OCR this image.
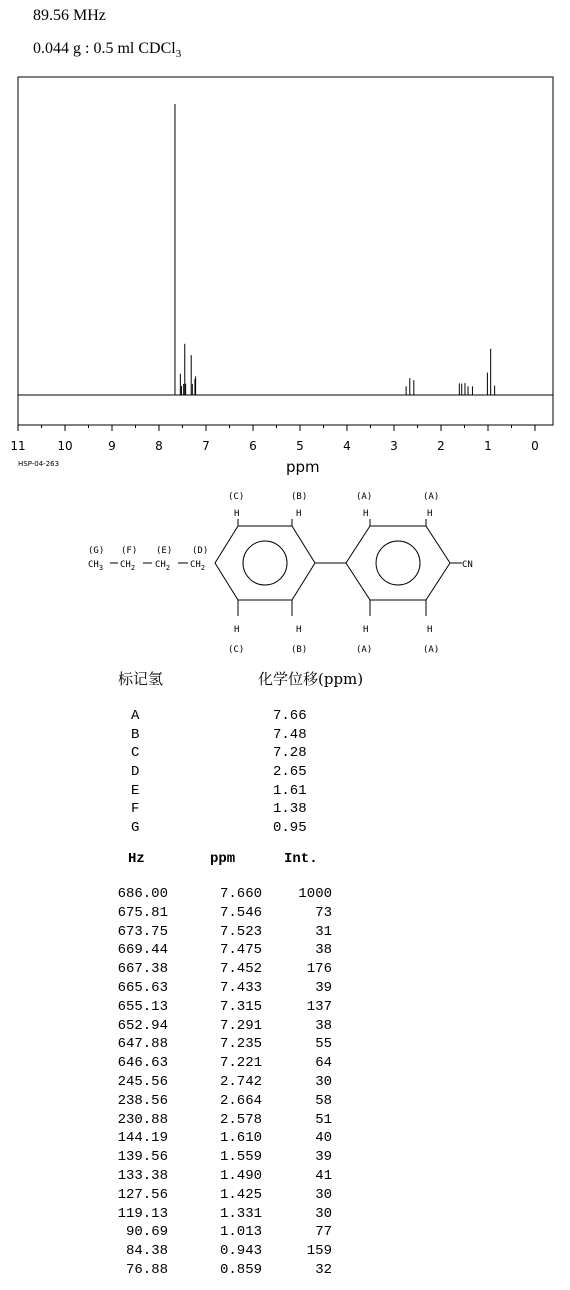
89.56 MHz
0.044 g : 0.5 ml CDCl$_3$
11	10	9	8	7	6	5	4	3	2	1	0
ppm
HSP-04-263
(C)	(B)	(A)	(A)
H	H	H	H
H	H	H	H
(C)	(B)	(A)	(A)
CN
(G) (F) (E) (D)
$CH_3$ $CH_2$ $CH_2$ $CH_2$
标记氢	化学位移(ppm)
A	7.66
B	7.48
C	7.28
D	2.65
E	1.61
F	1.38
G	0.95
Hz	ppm	Int.
686.00	7.660	1000
675.81	7.546	73
673.75	7.523	31
669.44	7.475	38
667.38	7.452	176
665.63	7.433	39
655.13	7.315	137
652.94	7.291	38
647.88	7.235	55
646.63	7.221	64
245.56	2.742	30
238.56	2.664	58
230.88	2.578	51
144.19	1.610	40
139.56	1.559	39
133.38	1.490	41
127.56	1.425	30
119.13	1.331	30
90.69	1.013	77
84.38	0.943	159
76.88	0.859	32
